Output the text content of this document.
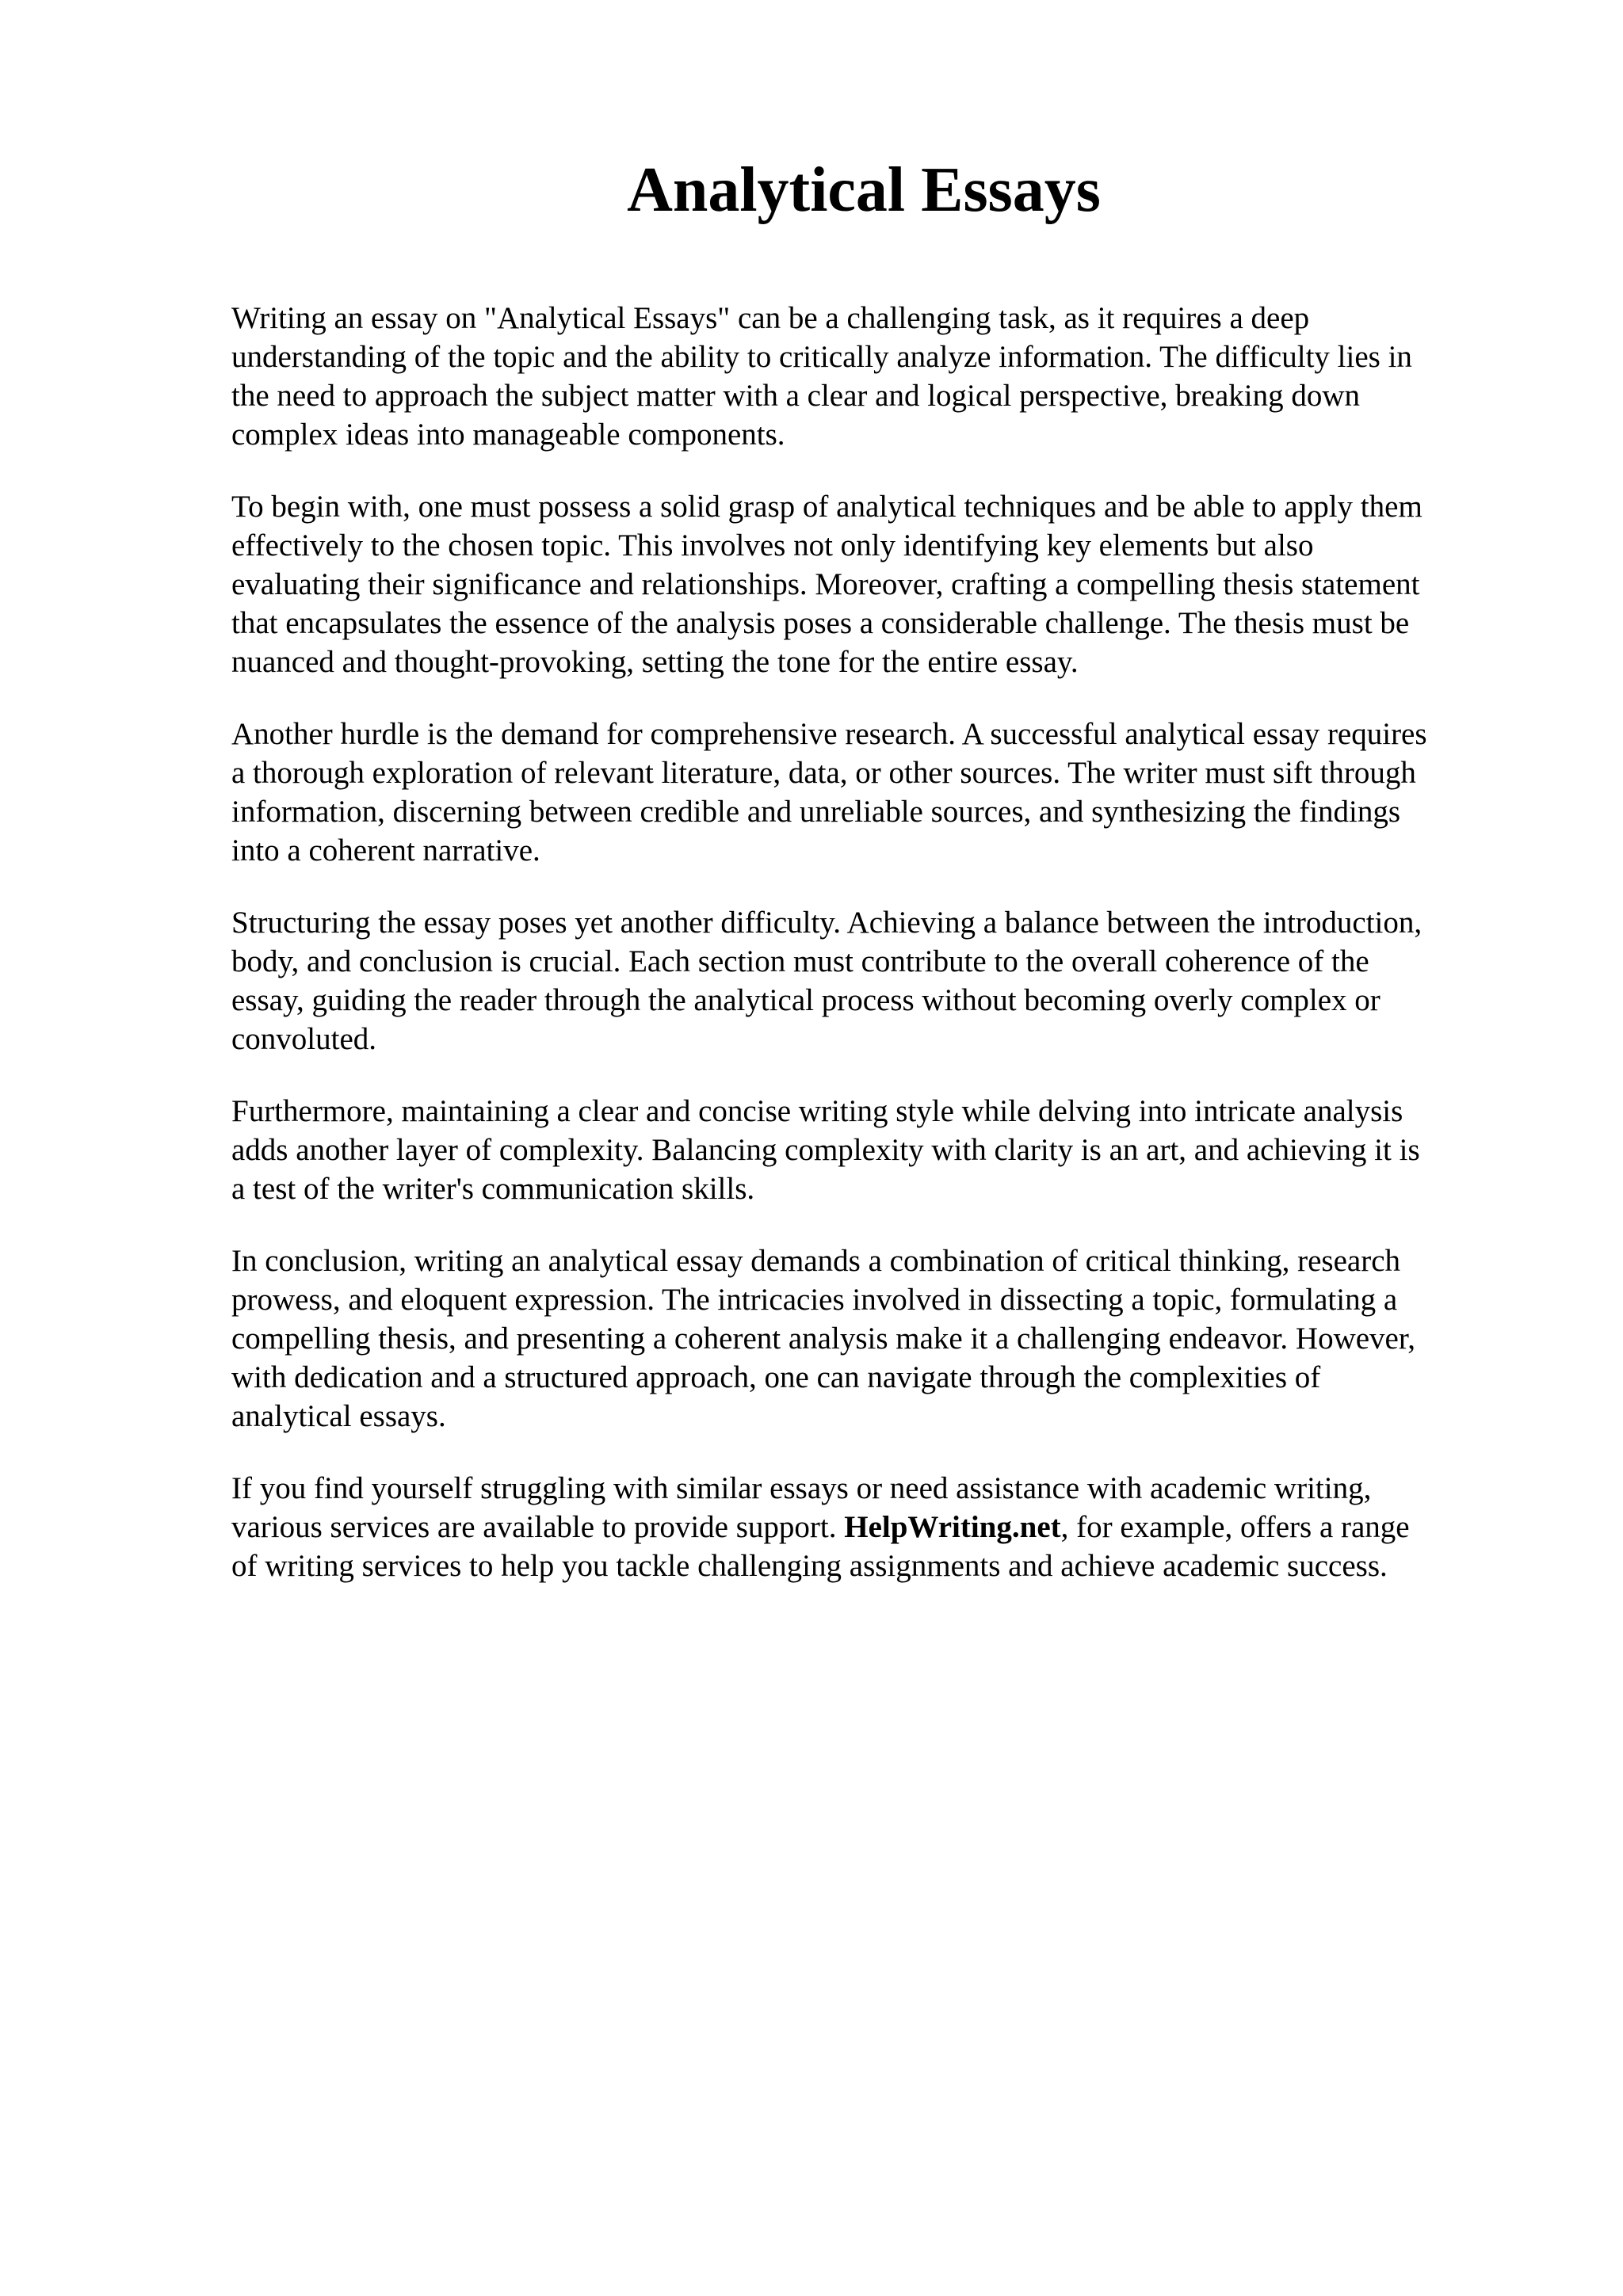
Analytical Essays

Writing an essay on "Analytical Essays" can be a challenging task, as it requires a deep
understanding of the topic and the ability to critically analyze information. The difficulty lies in
the need to approach the subject matter with a clear and logical perspective, breaking down
complex ideas into manageable components.

To begin with, one must possess a solid grasp of analytical techniques and be able to apply them
effectively to the chosen topic. This involves not only identifying key elements but also
evaluating their significance and relationships. Moreover, crafting a compelling thesis statement
that encapsulates the essence of the analysis poses a considerable challenge. The thesis must be
nuanced and thought-provoking, setting the tone for the entire essay.

Another hurdle is the demand for comprehensive research. A successful analytical essay requires
a thorough exploration of relevant literature, data, or other sources. The writer must sift through
information, discerning between credible and unreliable sources, and synthesizing the findings
into a coherent narrative.

Structuring the essay poses yet another difficulty. Achieving a balance between the introduction,
body, and conclusion is crucial. Each section must contribute to the overall coherence of the
essay, guiding the reader through the analytical process without becoming overly complex or
convoluted.

Furthermore, maintaining a clear and concise writing style while delving into intricate analysis
adds another layer of complexity. Balancing complexity with clarity is an art, and achieving it is
a test of the writer's communication skills.

In conclusion, writing an analytical essay demands a combination of critical thinking, research
prowess, and eloquent expression. The intricacies involved in dissecting a topic, formulating a
compelling thesis, and presenting a coherent analysis make it a challenging endeavor. However,
with dedication and a structured approach, one can navigate through the complexities of
analytical essays.

If you find yourself struggling with similar essays or need assistance with academic writing,
various services are available to provide support. HelpWriting.net, for example, offers a range
of writing services to help you tackle challenging assignments and achieve academic success.
